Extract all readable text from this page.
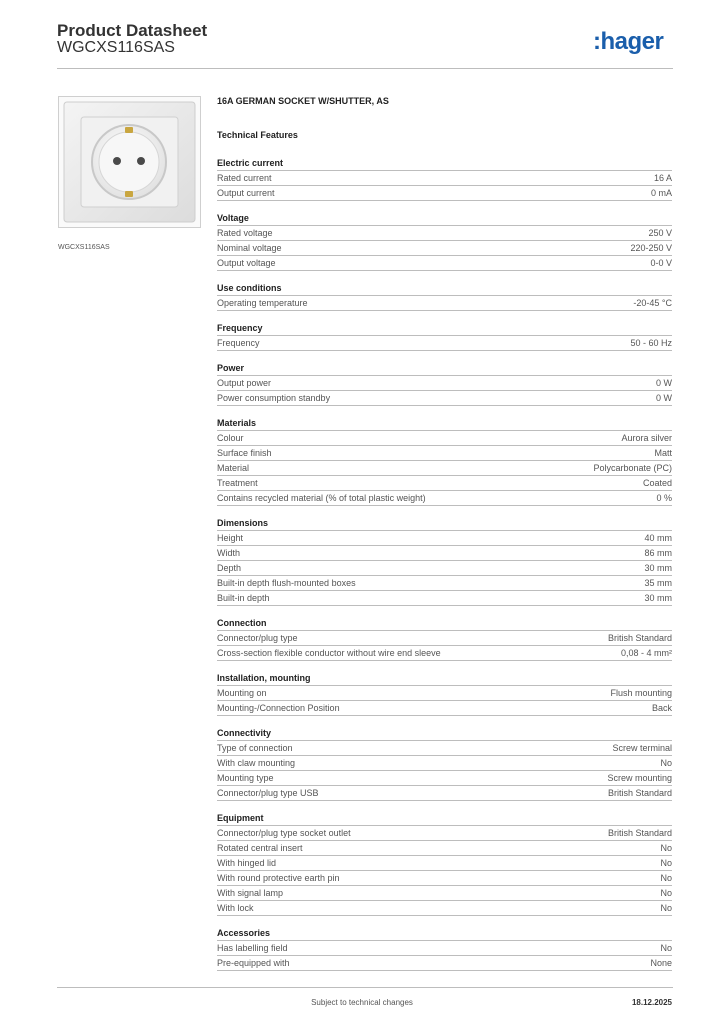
Product Datasheet
WGCXS116SAS	:hager
WGCXS116SAS
16A GERMAN SOCKET W/SHUTTER, AS
Technical Features
Electric current
Rated current	16 A
Output current	0 mA
Voltage
Rated voltage	250 V
Nominal voltage	220-250 V
Output voltage	0-0 V
Use conditions
Operating temperature	-20-45 °C
Frequency
Frequency	50 - 60 Hz
Power
Output power	0 W
Power consumption standby	0 W
Materials
Colour	Aurora silver
Surface finish	Matt
Material	Polycarbonate (PC)
Treatment	Coated
Contains recycled material (% of total plastic weight)	0 %
Dimensions
Height	40 mm
Width	86 mm
Depth	30 mm
Built-in depth flush-mounted boxes	35 mm
Built-in depth	30 mm
Connection
Connector/plug type	British Standard
Cross-section flexible conductor without wire end sleeve	0,08 - 4 mm²
Installation, mounting
Mounting on	Flush mounting
Mounting-/Connection Position	Back
Connectivity
Type of connection	Screw terminal
With claw mounting	No
Mounting type	Screw mounting
Connector/plug type USB	British Standard
Equipment
Connector/plug type socket outlet	British Standard
Rotated central insert	No
With hinged lid	No
With round protective earth pin	No
With signal lamp	No
With lock	No
Accessories
Has labelling field	No
Pre-equipped with	None
Subject to technical changes	18.12.2025
